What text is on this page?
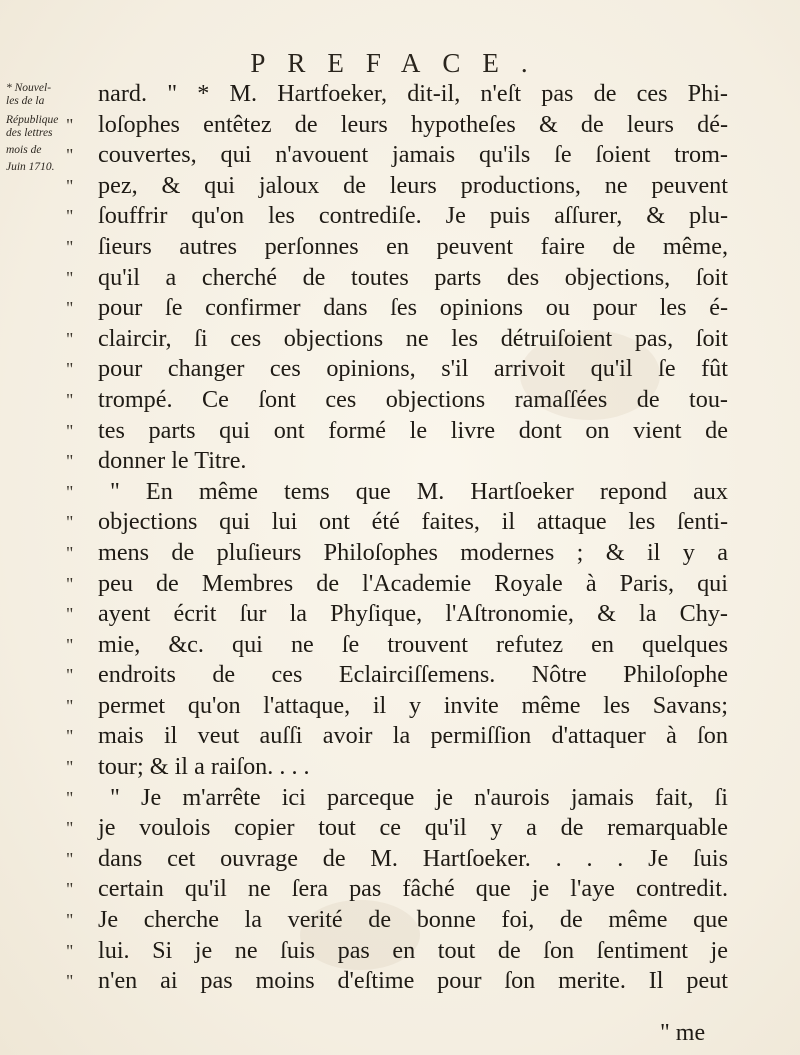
PREFACE.
* Nouvel-
les de la
République
des lettres
mois de
Juin 1710.
"
"
"
"
"
"
"
"
"
"
"
"
"
"
"
"
"
"
"
"
"
"
"
"
"
"
"
"
"
nard. " * M. Hartfoeker, dit-il, n'eſt pas de ces Phi-
loſophes entêtez de leurs hypotheſes & de leurs dé-
couvertes, qui n'avouent jamais qu'ils ſe ſoient trom-
pez, & qui jaloux de leurs productions, ne peuvent
ſouffrir qu'on les contrediſe. Je puis aſſurer, & plu-
ſieurs autres perſonnes en peuvent faire de même,
qu'il a cherché de toutes parts des objections, ſoit
pour ſe confirmer dans ſes opinions ou pour les é-
claircir, ſi ces objections ne les détruiſoient pas, ſoit
pour changer ces opinions, s'il arrivoit qu'il ſe fût
trompé. Ce ſont ces objections ramaſſées de tou-
tes parts qui ont formé le livre dont on vient de
donner le Titre.
" En même tems que M. Hartſoeker repond aux
objections qui lui ont été faites, il attaque les ſenti-
mens de pluſieurs Philoſophes modernes ; & il y a
peu de Membres de l'Academie Royale à Paris, qui
ayent écrit ſur la Phyſique, l'Aſtronomie, & la Chy-
mie, &c. qui ne ſe trouvent refutez en quelques
endroits de ces Eclairciſſemens. Nôtre Philoſophe
permet qu'on l'attaque, il y invite même les Savans;
mais il veut auſſi avoir la permiſſion d'attaquer à ſon
tour; & il a raiſon. . . .
" Je m'arrête ici parceque je n'aurois jamais fait, ſi
je voulois copier tout ce qu'il y a de remarquable
dans cet ouvrage de M. Hartſoeker. . . . Je ſuis
certain qu'il ne ſera pas fâché que je l'aye contredit.
Je cherche la verité de bonne foi, de même que
lui. Si je ne ſuis pas en tout de ſon ſentiment je
n'en ai pas moins d'eſtime pour ſon merite. Il peut
" me
